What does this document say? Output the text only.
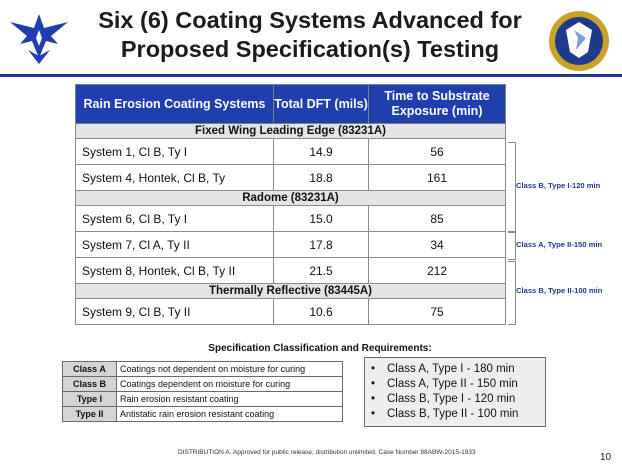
Six (6) Coating Systems Advanced for
Proposed Specification(s) Testing
Rain Erosion Coating Systems	Total DFT (mils)	Time to Substrate Exposure (min)
Fixed Wing Leading Edge (83231A)		
System 1, Cl B, Ty I	14.9	56
System 4, Hontek, Cl B, Ty	18.8	161
Radome (83231A)		
System 6, Cl B, Ty I	15.0	85
System 7, Cl A, Ty II	17.8	34
System 8, Hontek, Cl B, Ty II	21.5	212
Thermally Reflective (83445A)		
System 9, Cl B, Ty II	10.6	75
Class B, Type I-120 min
Class A, Type II-150 min
Class B, Type II-100 min
Specification Classification and Requirements:
Class A	Coatings not dependent on moisture for curing
Class B	Coatings dependent on moisture for curing
Type I	Rain erosion resistant coating
Type II	Antistatic rain erosion resistant coating
• Class A, Type I - 180 min
• Class A, Type II - 150 min
• Class B, Type I - 120 min
• Class B, Type II - 100 min
DISTRIBUTION A. Approved for public release; distribution unlimited. Case Number 88ABW-2015-1933	10
